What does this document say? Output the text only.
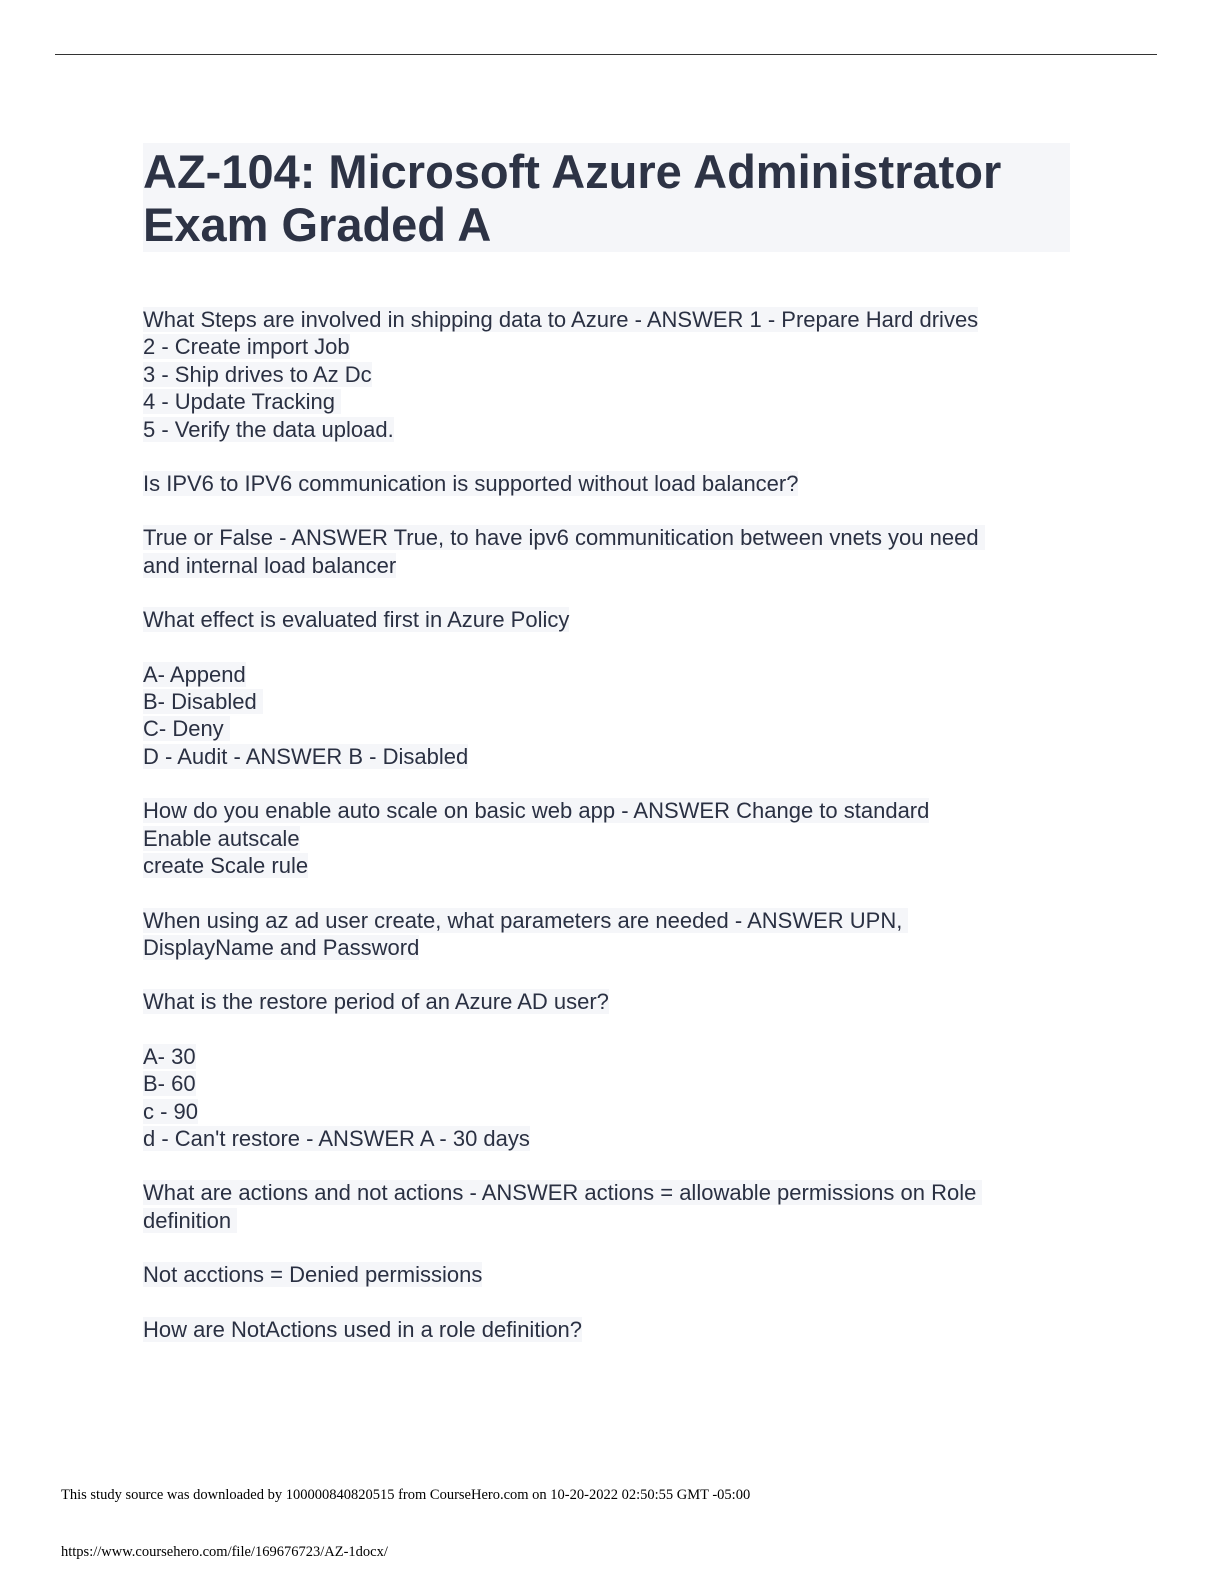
AZ-104: Microsoft Azure Administrator
Exam Graded A
What Steps are involved in shipping data to Azure - ANSWER 1 - Prepare Hard drives
2 - Create import Job
3 - Ship drives to Az Dc
4 - Update Tracking
5 - Verify the data upload.
Is IPV6 to IPV6 communication is supported without load balancer?
True or False - ANSWER True, to have ipv6 communitication between vnets you need
and internal load balancer
What effect is evaluated first in Azure Policy
A- Append
B- Disabled
C- Deny
D - Audit - ANSWER B - Disabled
How do you enable auto scale on basic web app - ANSWER Change to standard
Enable autscale
create Scale rule
When using az ad user create, what parameters are needed - ANSWER UPN,
DisplayName and Password
What is the restore period of an Azure AD user?
A- 30
B- 60
c - 90
d - Can't restore - ANSWER A - 30 days
What are actions and not actions - ANSWER actions = allowable permissions on Role
definition
Not acctions = Denied permissions
How are NotActions used in a role definition?
This study source was downloaded by 100000840820515 from CourseHero.com on 10-20-2022 02:50:55 GMT -05:00
https://www.coursehero.com/file/169676723/AZ-1docx/
